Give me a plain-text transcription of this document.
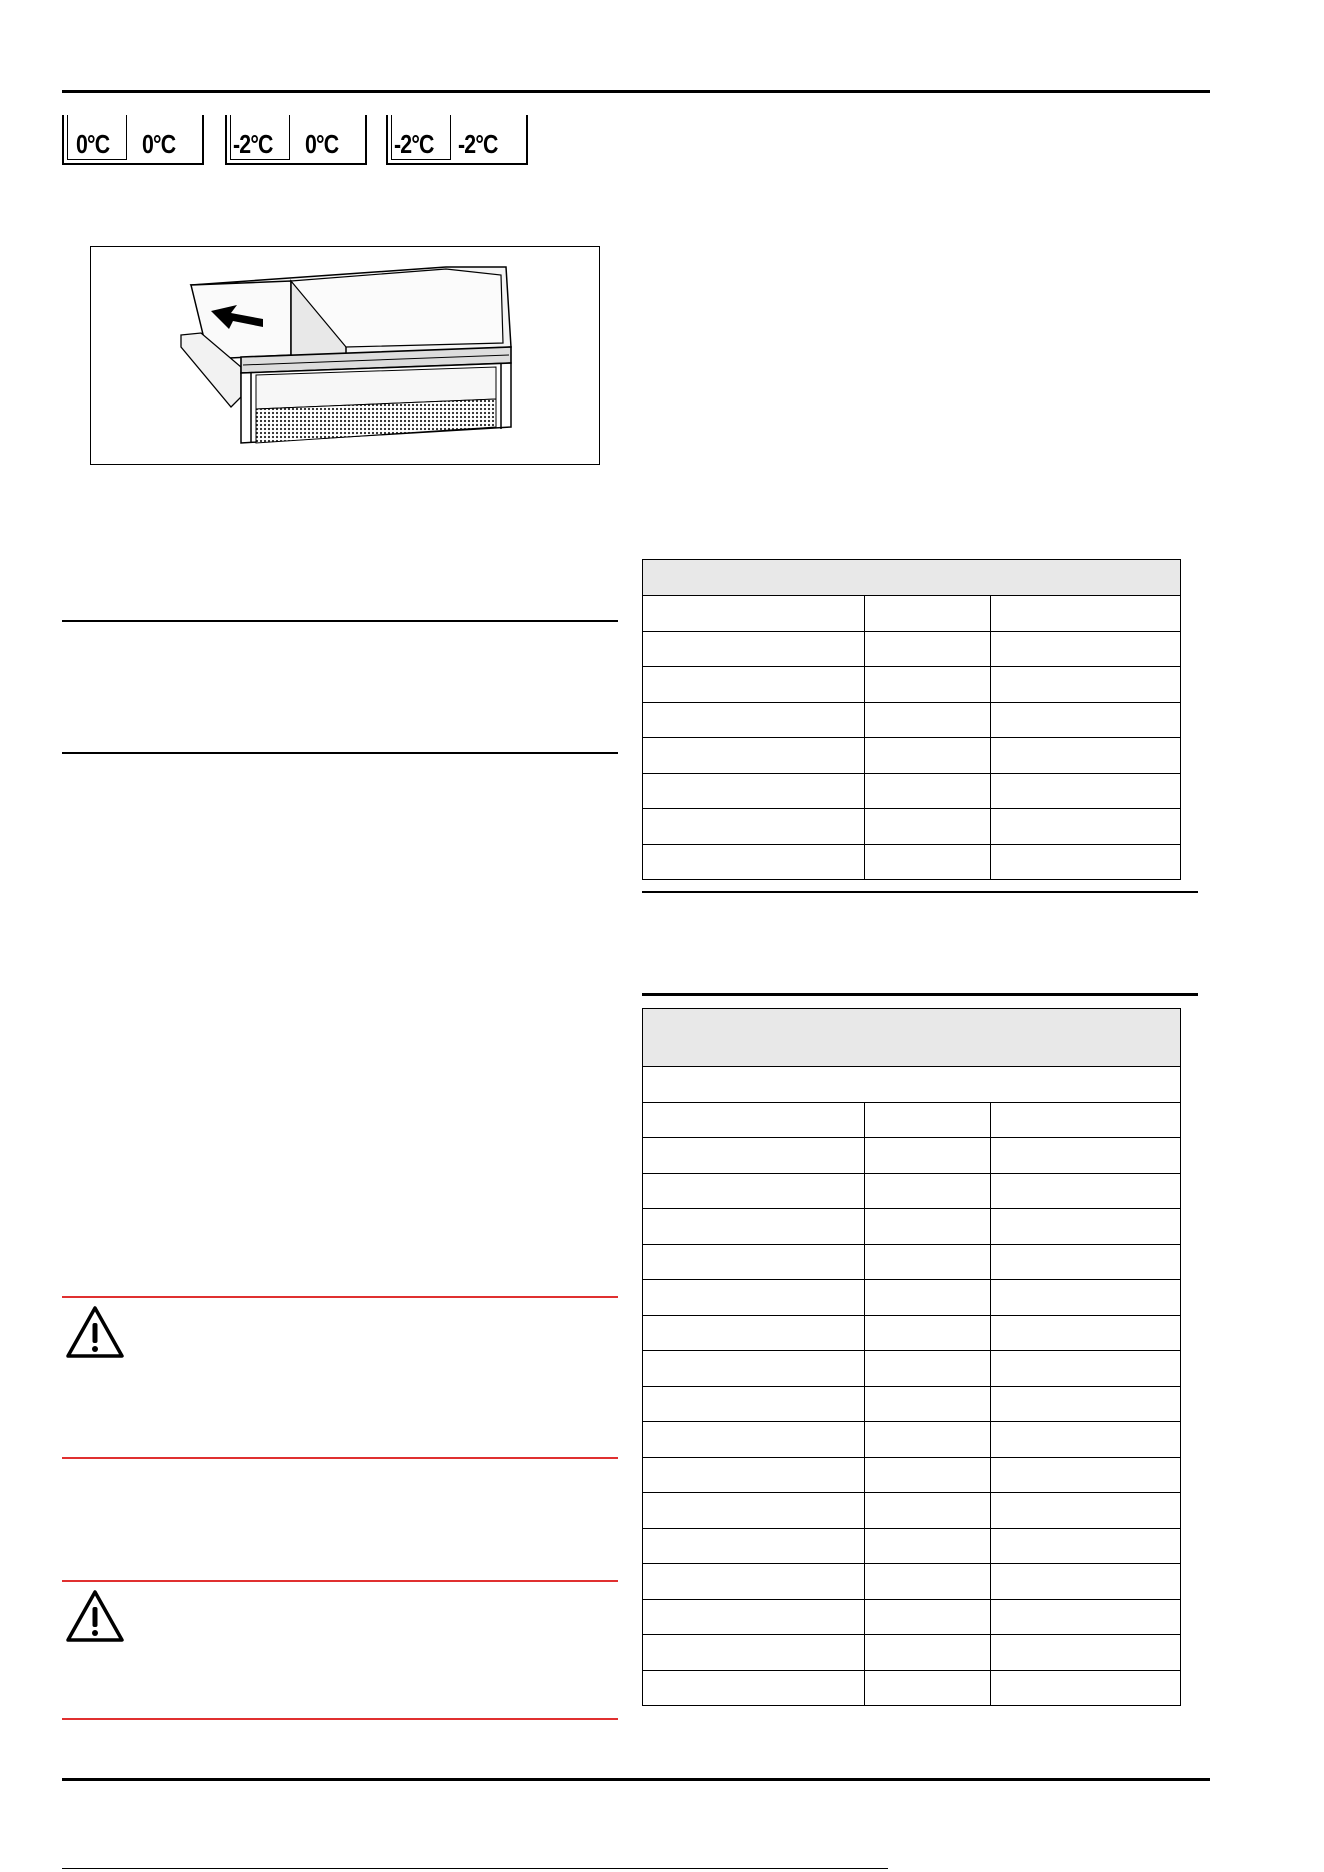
0°C 0°C -2°C 0°C -2°C -2°C
